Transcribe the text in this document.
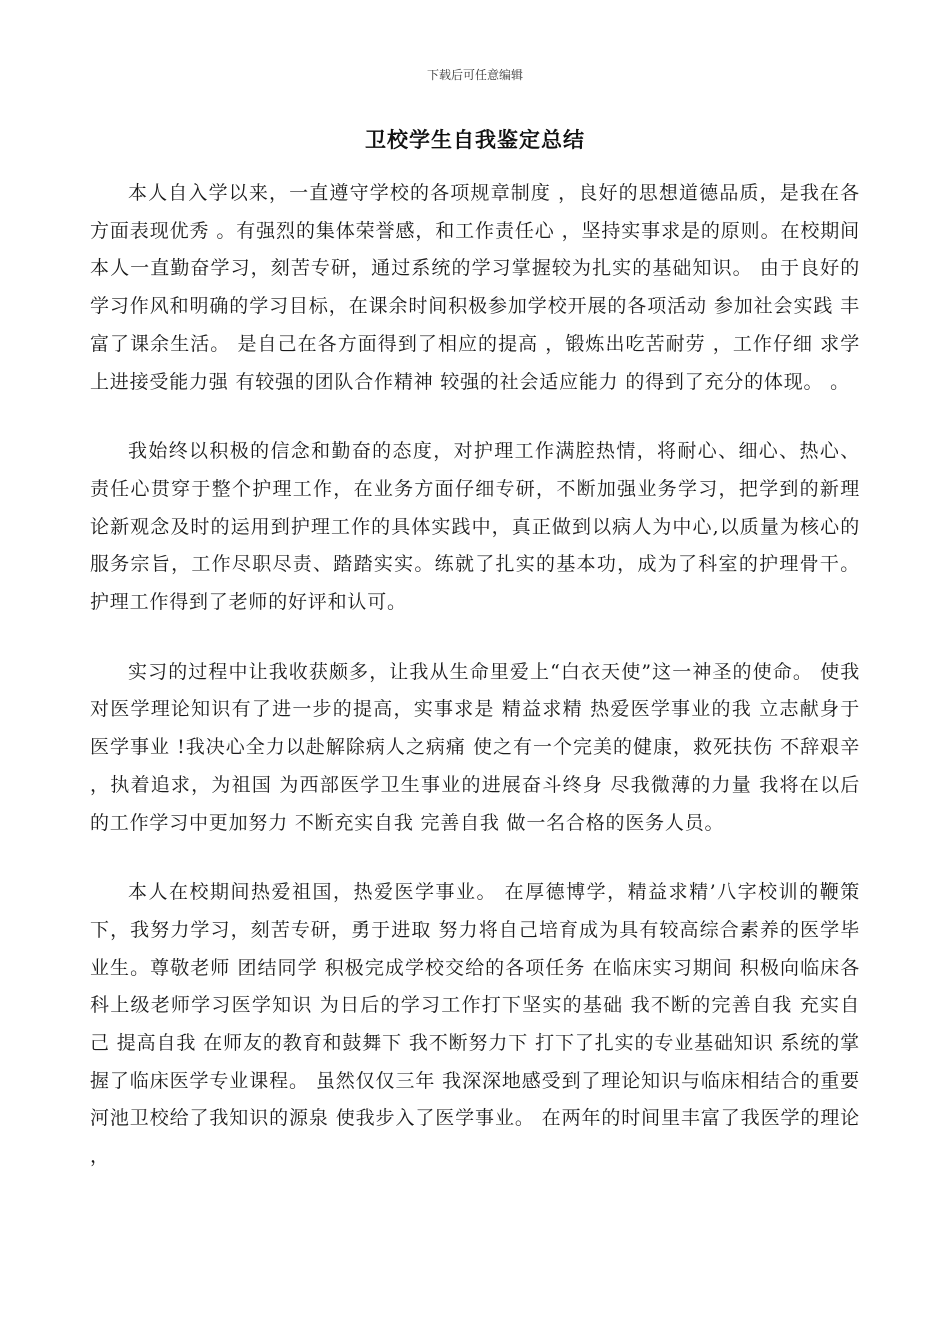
下载后可任意编辑
卫校学生自我鉴定总结

本人自入学以来，一直遵守学校的各项规章制度 ，良好的思想道德品质，是我在各方面表现优秀 。有强烈的集体荣誉感，和工作责任心 ，坚持实事求是的原则。在校期间本人一直勤奋学习，刻苦专研，通过系统的学习掌握较为扎实的基础知识。 由于良好的学习作风和明确的学习目标，在课余时间积极参加学校开展的各项活动 参加社会实践 丰富了课余生活。 是自己在各方面得到了相应的提高 ，锻炼出吃苦耐劳 ，工作仔细 求学上进接受能力强 有较强的团队合作精神 较强的社会适应能力 的得到了充分的体现。 。

我始终以积极的信念和勤奋的态度，对护理工作满腔热情，将耐心、细心、热心、责任心贯穿于整个护理工作，在业务方面仔细专研，不断加强业务学习，把学到的新理论新观念及时的运用到护理工作的具体实践中，真正做到以病人为中心,以质量为核心的服务宗旨，工作尽职尽责、踏踏实实。练就了扎实的基本功，成为了科室的护理骨干。护理工作得到了老师的好评和认可。

实习的过程中让我收获颇多，让我从生命里爱上“白衣天使”这一神圣的使命。 使我对医学理论知识有了进一步的提高，实事求是 精益求精 热爱医学事业的我 立志献身于医学事业 !我决心全力以赴解除病人之病痛 使之有一个完美的健康，救死扶伤 不辞艰辛 ，执着追求，为祖国 为西部医学卫生事业的进展奋斗终身 尽我微薄的力量 我将在以后的工作学习中更加努力 不断充实自我 完善自我 做一名合格的医务人员。

本人在校期间热爱祖国，热爱医学事业。 在厚德博学，精益求精’八字校训的鞭策下，我努力学习，刻苦专研，勇于进取 努力将自己培育成为具有较高综合素养的医学毕业生。尊敬老师 团结同学 积极完成学校交给的各项任务 在临床实习期间 积极向临床各科上级老师学习医学知识 为日后的学习工作打下坚实的基础 我不断的完善自我 充实自己 提高自我 在师友的教育和鼓舞下 我不断努力下 打下了扎实的专业基础知识 系统的掌握了临床医学专业课程。 虽然仅仅三年 我深深地感受到了理论知识与临床相结合的重要 河池卫校给了我知识的源泉 使我步入了医学事业。 在两年的时间里丰富了我医学的理论 ，
